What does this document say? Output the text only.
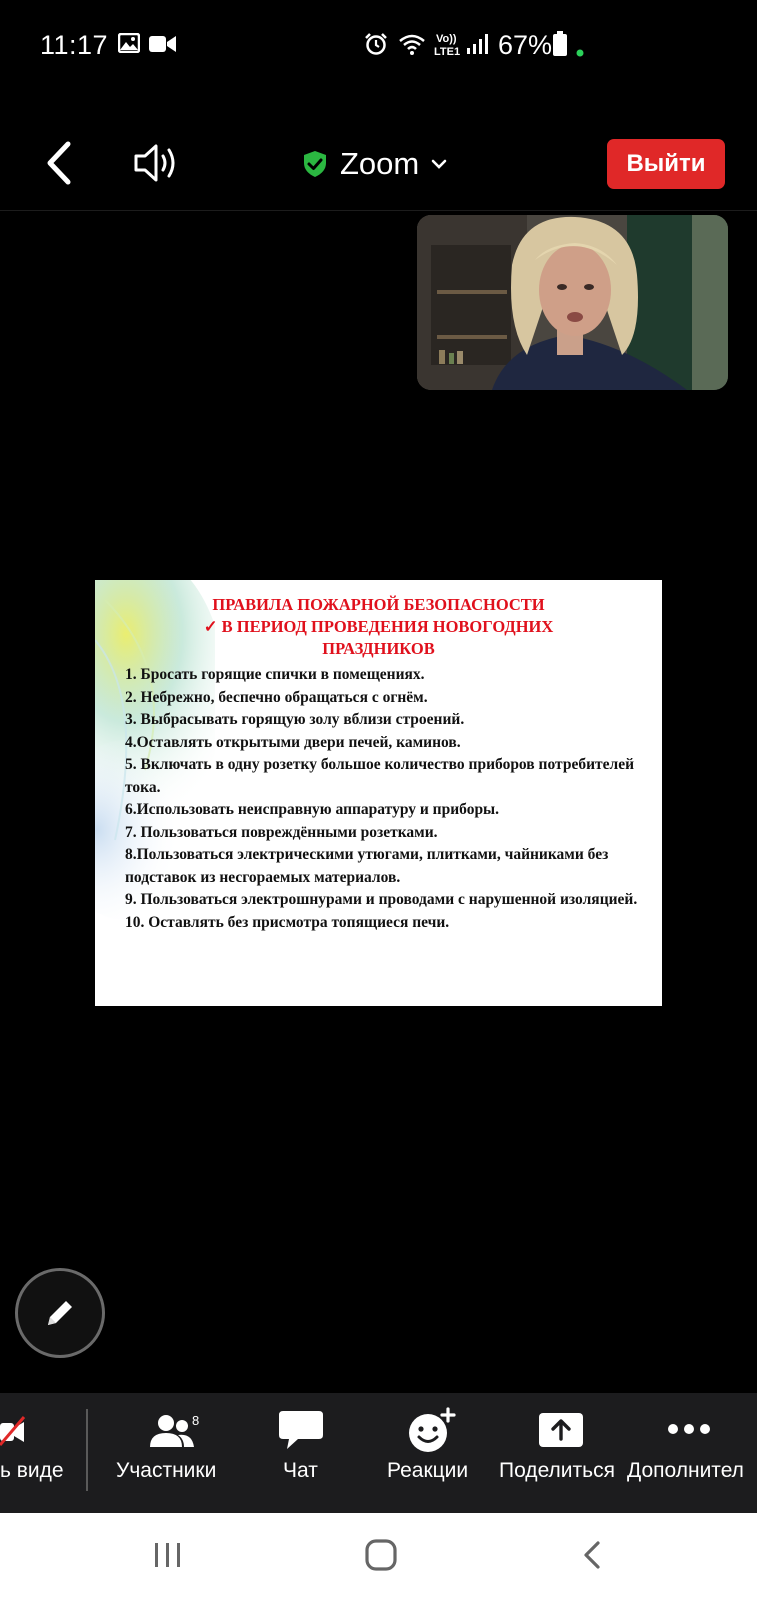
11:17	Vo))
LTE1 67%
Zoom	Выйти
ПРАВИЛА ПОЖАРНОЙ БЕЗОПАСНОСТИ
✓ В ПЕРИОД ПРОВЕДЕНИЯ НОВОГОДНИХ
ПРАЗДНИКОВ
1. Бросать горящие спички в помещениях.
2. Небрежно, беспечно обращаться с огнём.
3. Выбрасывать горящую золу вблизи строений.
4.Оставлять открытыми двери печей, каминов.
5. Включать в одну розетку большое количество приборов потребителей тока.
6.Использовать неисправную аппаратуру и приборы.
7. Пользоваться повреждёнными розетками.
8.Пользоваться электрическими утюгами, плитками, чайниками без подставок из несгораемых материалов.
9. Пользоваться электрошнурами и проводами с нарушенной изоляцией.
10. Оставлять без присмотра топящиеся печи.
ь виде
8
Участники	Чат	Реакции Поделиться Дополнител
